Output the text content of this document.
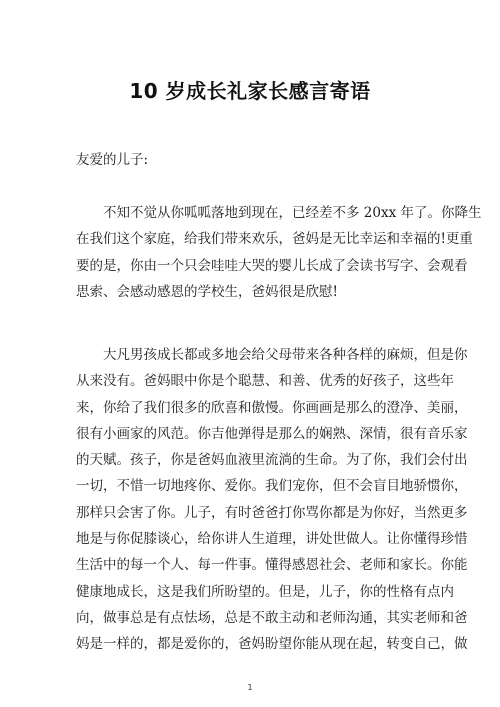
10 岁成长礼家长感言寄语
友爱的儿子:
不知不觉从你呱呱落地到现在，已经差不多 20xx 年了。你降生
在我们这个家庭，给我们带来欢乐，爸妈是无比幸运和幸福的!更重
要的是，你由一个只会哇哇大哭的婴儿长成了会读书写字、会观看
思索、会感动感恩的学校生，爸妈很是欣慰!
大凡男孩成长都或多地会给父母带来各种各样的麻烦，但是你
从来没有。爸妈眼中你是个聪慧、和善、优秀的好孩子，这些年
来，你给了我们很多的欣喜和傲慢。你画画是那么的澄净、美丽，
很有小画家的风范。你吉他弹得是那么的娴熟、深情，很有音乐家
的天赋。孩子，你是爸妈血液里流淌的生命。为了你，我们会付出
一切，不惜一切地疼你、爱你。我们宠你，但不会盲目地骄惯你，
那样只会害了你。儿子，有时爸爸打你骂你都是为你好，当然更多
地是与你促膝谈心，给你讲人生道理，讲处世做人。让你懂得珍惜
生活中的每一个人、每一件事。懂得感恩社会、老师和家长。你能
健康地成长，这是我们所盼望的。但是，儿子，你的性格有点内
向，做事总是有点怯场，总是不敢主动和老师沟通，其实老师和爸
妈是一样的，都是爱你的，爸妈盼望你能从现在起，转变自己，做
1
